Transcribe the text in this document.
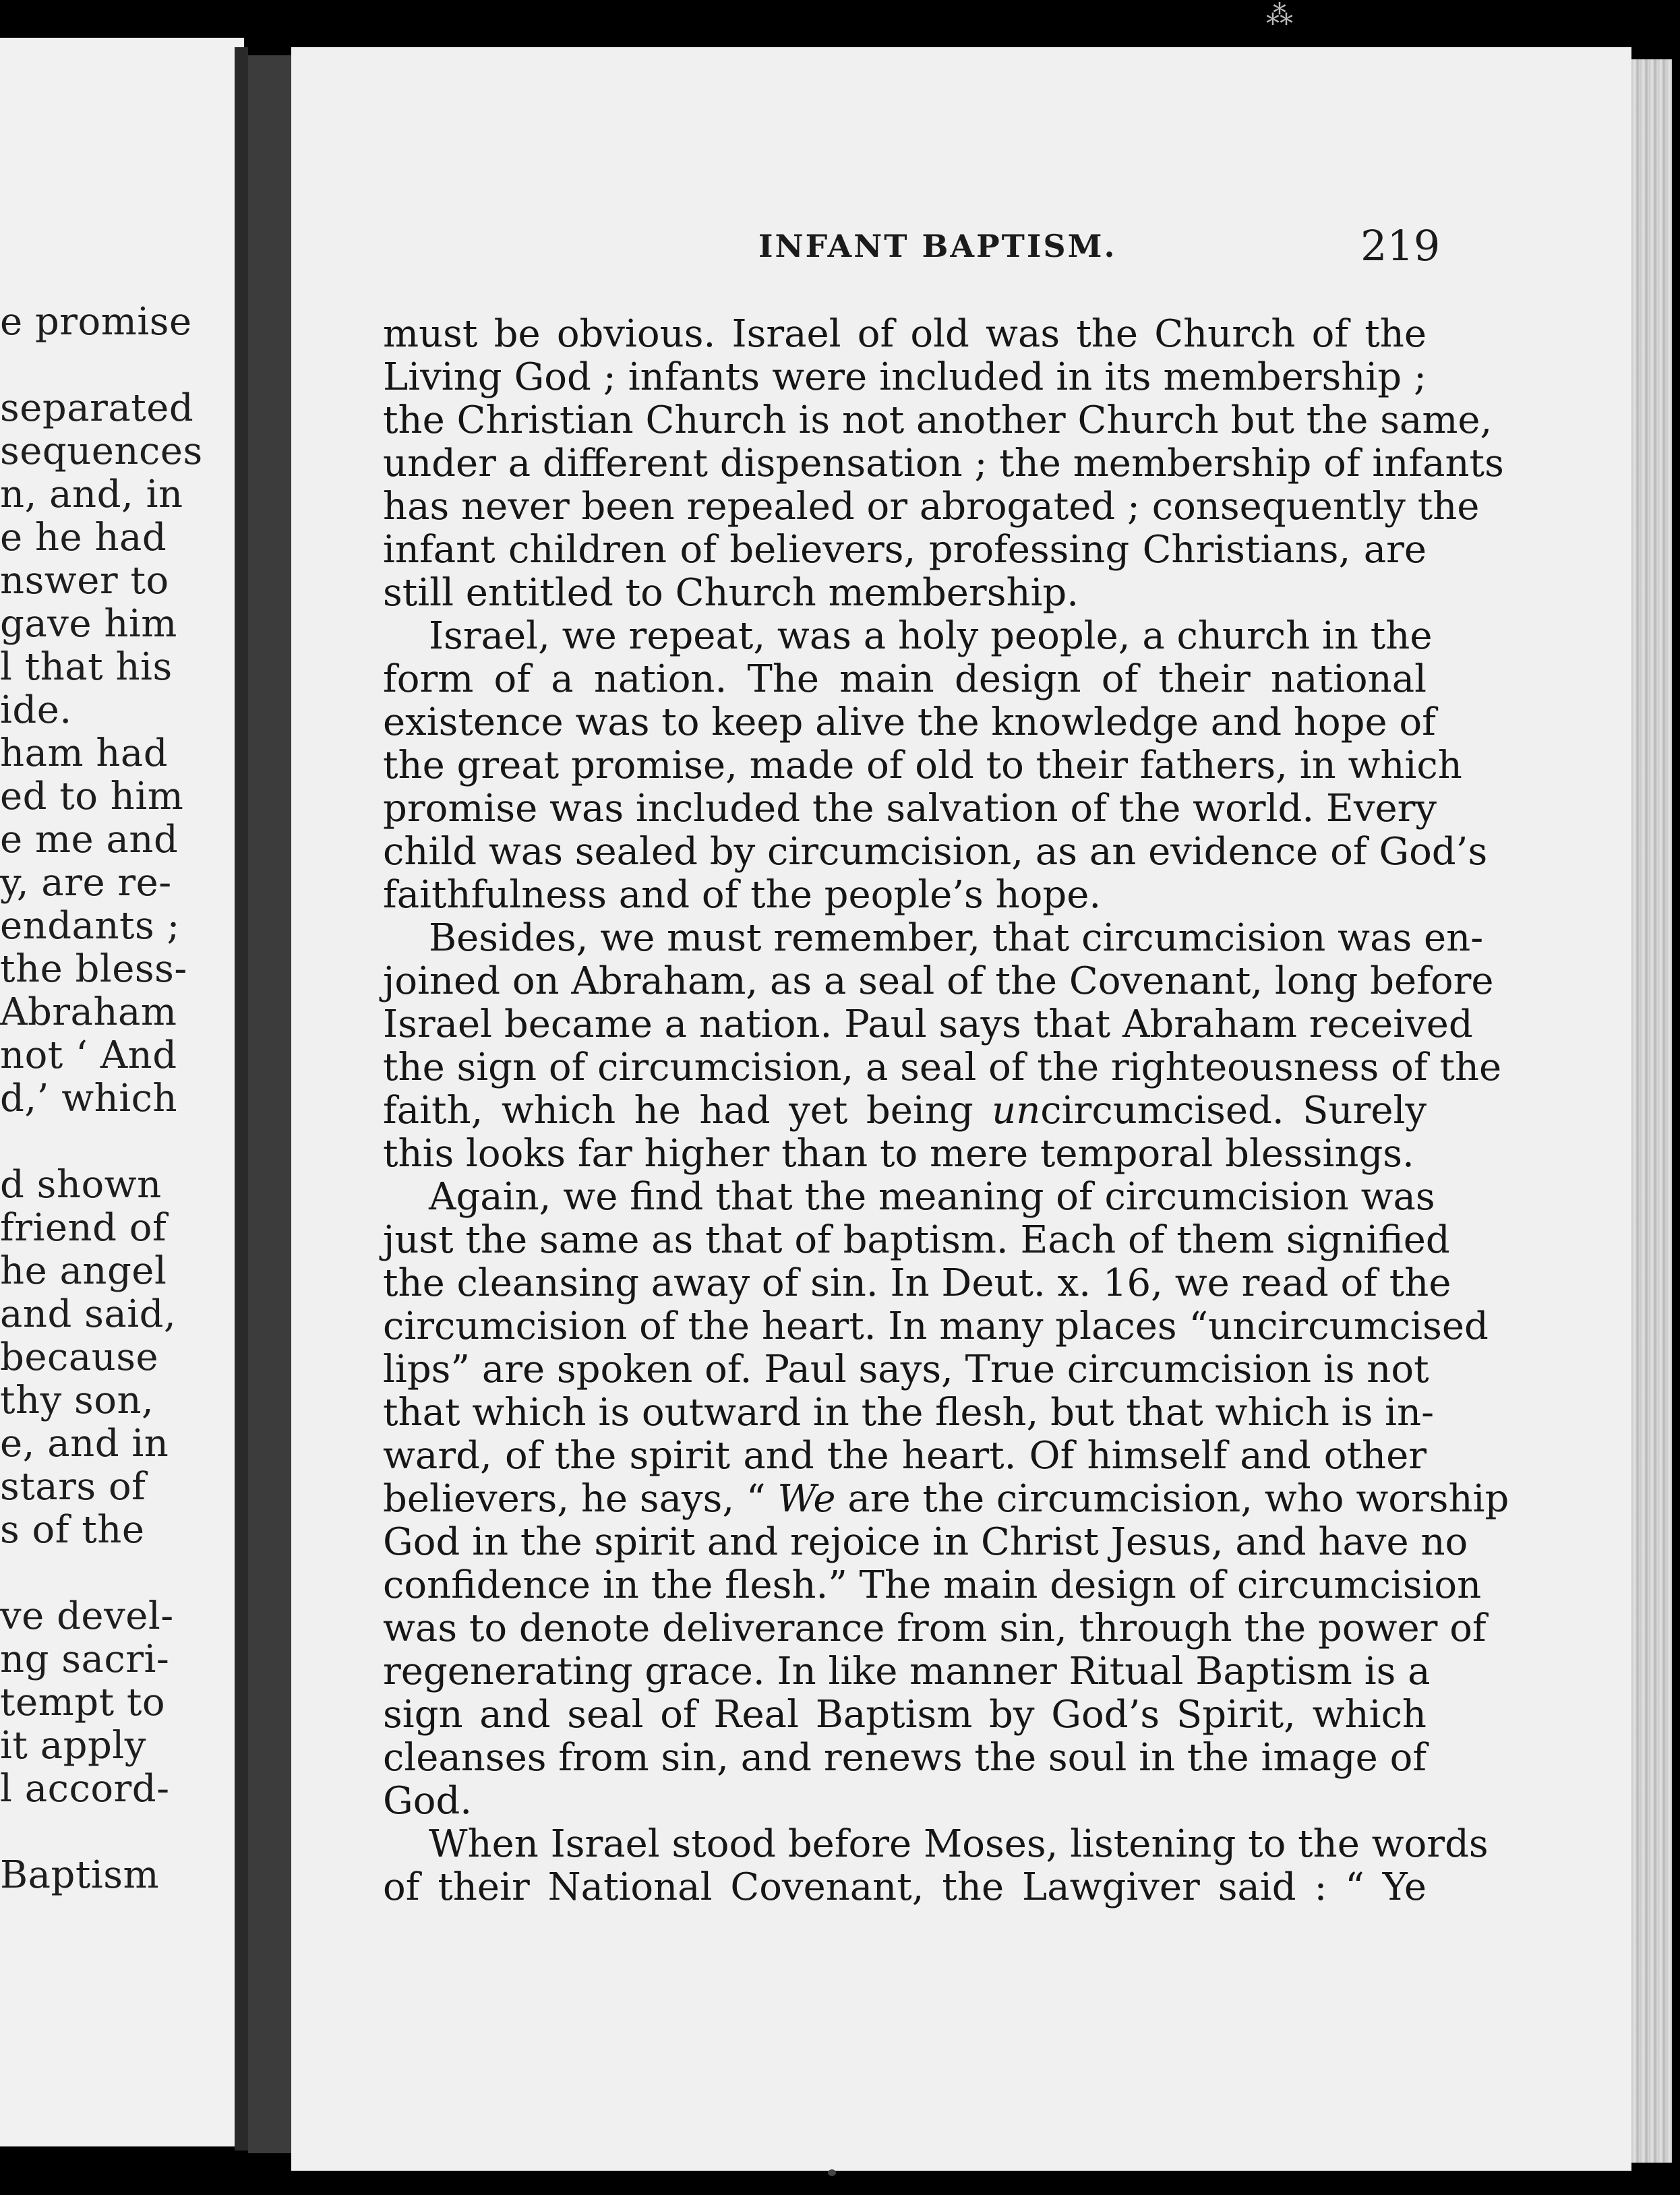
⁂
e promise
separated
sequences
n, and, in
e he had
nswer to
gave him
l that his
ide.
ham had
ed to him
e me and
y, are re-
endants ;
the bless-
Abraham
not ‘ And
d,’ which
d shown
friend of
he angel
and said,
because
thy son,
e, and in
stars of
s of the
ve devel-
ng sacri-
tempt to
it apply
l accord-
Baptism
INFANT BAPTISM.	219
must be obvious. Israel of old was the Church of the
Living God ; infants were included in its membership ;
the Christian Church is not another Church but the same,
under a different dispensation ; the membership of infants
has never been repealed or abrogated ; consequently the
infant children of believers, professing Christians, are
still entitled to Church membership.
Israel, we repeat, was a holy people, a church in the
form of a nation. The main design of their national
existence was to keep alive the knowledge and hope of
the great promise, made of old to their fathers, in which
promise was included the salvation of the world. Every
child was sealed by circumcision, as an evidence of God’s
faithfulness and of the people’s hope.
Besides, we must remember, that circumcision was en-
joined on Abraham, as a seal of the Covenant, long before
Israel became a nation. Paul says that Abraham received
the sign of circumcision, a seal of the righteousness of the
faith, which he had yet being uncircumcised. Surely
this looks far higher than to mere temporal blessings.
Again, we find that the meaning of circumcision was
just the same as that of baptism. Each of them signified
the cleansing away of sin. In Deut. x. 16, we read of the
circumcision of the heart. In many places “uncircumcised
lips” are spoken of. Paul says, True circumcision is not
that which is outward in the flesh, but that which is in-
ward, of the spirit and the heart. Of himself and other
believers, he says, “ We are the circumcision, who worship
God in the spirit and rejoice in Christ Jesus, and have no
confidence in the flesh.” The main design of circumcision
was to denote deliverance from sin, through the power of
regenerating grace. In like manner Ritual Baptism is a
sign and seal of Real Baptism by God’s Spirit, which
cleanses from sin, and renews the soul in the image of
God.
When Israel stood before Moses, listening to the words
of their National Covenant, the Lawgiver said : “ Ye
